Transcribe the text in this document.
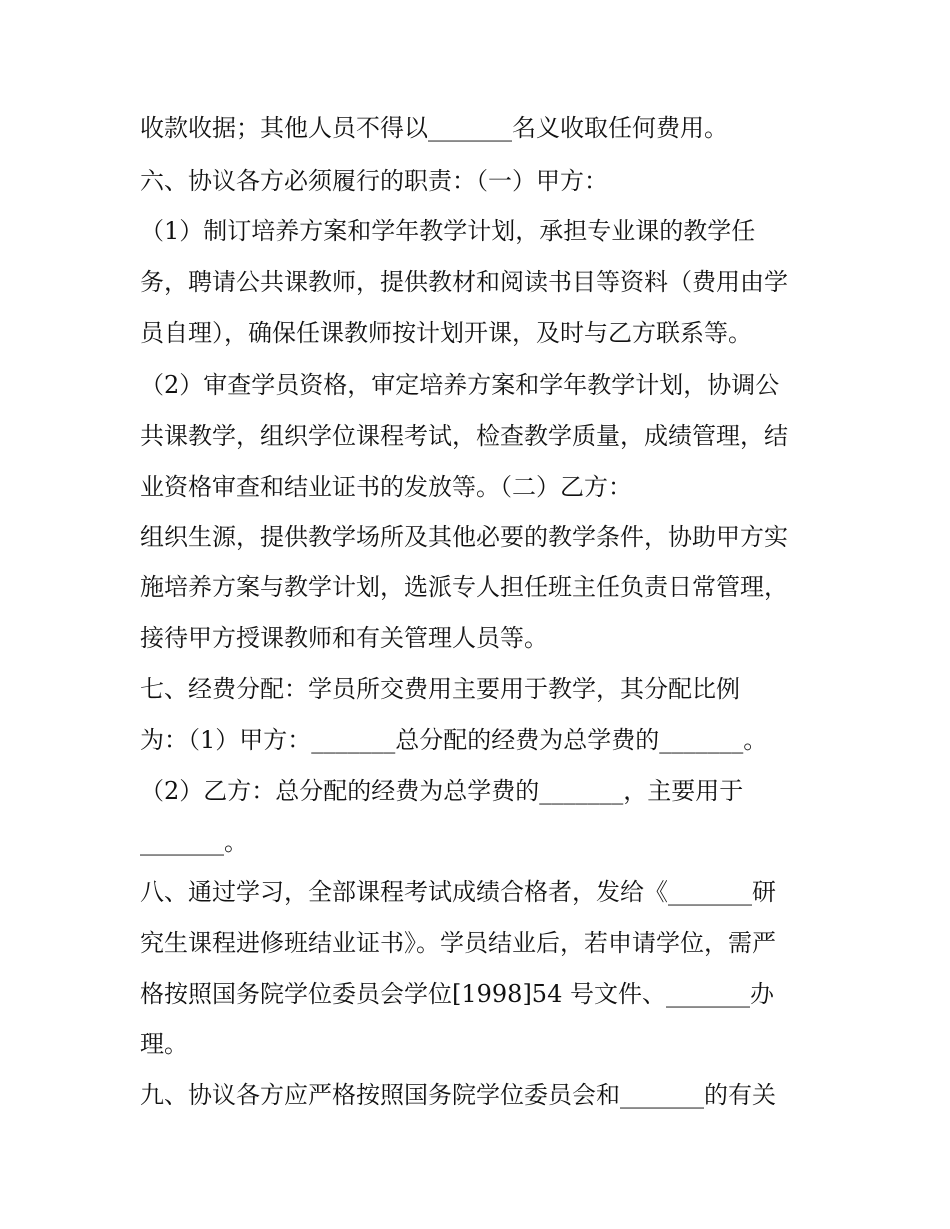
收款收据；其他人员不得以_______名义收取任何费用。
六、协议各方必须履行的职责：（一）甲方：
（1）制订培养方案和学年教学计划，承担专业课的教学任
务，聘请公共课教师，提供教材和阅读书目等资料（费用由学
员自理），确保任课教师按计划开课，及时与乙方联系等。
（2）审查学员资格，审定培养方案和学年教学计划，协调公
共课教学，组织学位课程考试，检查教学质量，成绩管理，结
业资格审查和结业证书的发放等。（二）乙方：
组织生源，提供教学场所及其他必要的教学条件，协助甲方实
施培养方案与教学计划，选派专人担任班主任负责日常管理，
接待甲方授课教师和有关管理人员等。
七、经费分配：学员所交费用主要用于教学，其分配比例
为：（1）甲方：_______总分配的经费为总学费的_______。
（2）乙方：总分配的经费为总学费的_______，主要用于
_______。
八、通过学习，全部课程考试成绩合格者，发给《_______研
究生课程进修班结业证书》。学员结业后，若申请学位，需严
格按照国务院学位委员会学位[1998]54 号文件、_______办
理。
九、协议各方应严格按照国务院学位委员会和_______的有关
